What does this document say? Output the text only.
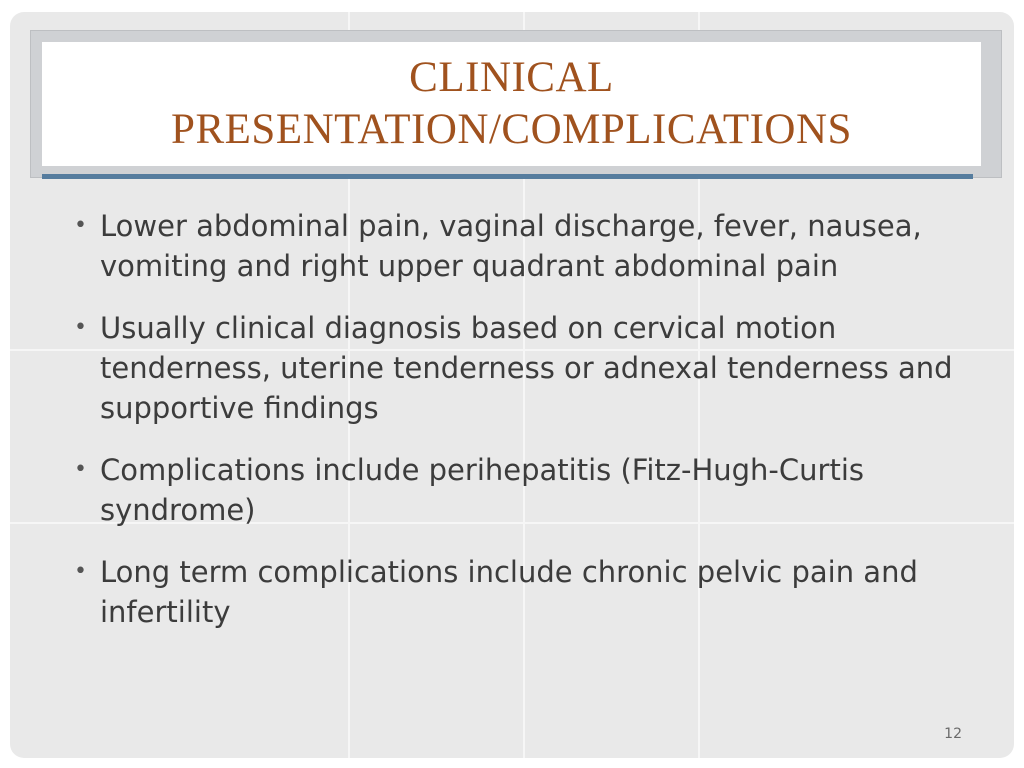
CLINICAL
PRESENTATION/COMPLICATIONS
• Lower abdominal pain, vaginal discharge, fever, nausea, vomiting and right upper quadrant abdominal pain
• Usually clinical diagnosis based on cervical motion tenderness, uterine tenderness or adnexal tenderness and supportive findings
• Complications include perihepatitis (Fitz-Hugh-Curtis syndrome)
• Long term complications include chronic pelvic pain and infertility
12
